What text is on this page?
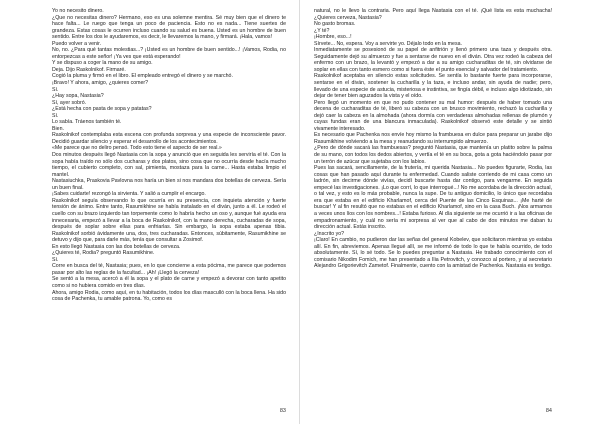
Yo no necesito dinero.

¿Que no necesitas dinero? Hermano, eso es una solemne mentira. Sé muy bien que el dinero te hace falta... Le ruego que tenga un poco de paciencia. Esto no es nada... Tiene suertes de grandeza. Estas cosas le ocurren incluso cuando su salud es buena. Usted es un hombre de buen sentido. Entre los dos le ayudaremos, es decir, le llevaremos la mano, y firmará. ¡Hala, vamos!

Puedo volver a venir.

No, no. ¿Para qué tantas molestias...? ¡Usted es un hombre de buen sentido...! ¡Vamos, Rodia, no entorpezcas a este señor! ¡Ya ves que está esperando!

Y se dispuso a coger la mano de su amigo.

Deja. Dijo Raskolnikof. Firmaré.

Cogió la pluma y firmó en el libro. El empleado entregó el dinero y se marchó.

¡Bravo! Y ahora, amigo, ¿quieres comer?

Sí.

¿Hay sopa, Nastasia?

Sí, ayer sobró.

¿Está hecha con pasta de sopa y patatas?

Sí.

Lo sabía. Tráenos también té.

Bien.

Raskolnikof contemplaba esta escena con profunda sorpresa y una especie de inconsciente pavor. Decidió guardar silencio y esperar el desarrollo de los acontecimientos.

«Me parece que no deliro pensó. Todo esto tiene el aspecto de ser real.»

Dos minutos después llegó Nastasia con la sopa y anunció que en seguida les serviría el té. Con la sopa había traído no sólo dos cucharas y dos platos, sino cosa que no ocurría desde hacía mucho tiempo, el cubierto completo, con sal, pimienta, mostaza para la carne... Hasta estaba limpio el mantel.

Nastasiuchka, Praskovia Pavlovna nos haría un bien si nos mandara dos botellas de cerveza. Sería un buen final.

¡Sabes cuidarte! rezongó la sirvienta. Y salió a cumplir el encargo.

Raskolnikof seguía observando lo que ocurría en su presencia, con inquieta atención y fuerte tensión de ánimo. Entre tanto, Rasumikhine se había instalado en el diván, junto a él. Le rodeó el cuello con su brazo izquierdo tan torpemente como lo habría hecho un oso y, aunque fué ayuda era innecesaria, empezó a llevar a la boca de Raskolnikof, con la mano derecha, cucharadas de sopa, después de soplar sobre ellas para enfriarlas. Sin embargo, la sopa estaba apenas tibia. Raskolnikof sorbió ávidamente una, dos, tres cucharadas. Entonces, súbitamente, Rasumikhine se detuvo y dijo que, para darle más, tenía que consultar a Zosimof.

En esto llegó Nastasia con las dos botellas de cerveza.

¿Quieres té, Rodia? preguntó Rasumikhine.

Sí.

Corre en busca del té, Nastasia; pues, en lo que concierne a esta pócima, me parece que podemos pasar por alto las reglas de la facultad... ¡Ah! ¡Llegó la cerveza!

Se sentó a la mesa, acercó a él la sopa y el plato de carne y empezó a devorar con tanto apetito como si no hubiera comido en tres días.

Ahora, amigo Rodia, como aquí, en tu habitación, todos los días masculló con la boca llena. Ha sido cosa de Pachenka, tu amable patrona. Yo, como es

83

natural, no le llevo la contraria. Pero aquí llega Nastasia con el té. ¡Qué lista es esta muchacha! ¿Quieres cerveza, Nastasia?

No gasto bromas.

¿Y té?

¡Hombre, eso...!

Sírvete... No, espera. Voy a servirte yo. Déjalo todo en la mesa.

Inmediatamente se posesionó de su papel de anfitrión y llenó primero una taza y después otra. Seguidamente dejó su almuerzo y fue a sentarse de nuevo en el diván. Otra vez rodeó la cabeza del enfermo con un brazo, la levantó y empezó a dar a su amigo cucharaditas de té, sin olvidarse de soplar en ellas con tanto esmero como si fuera éste el punto esencial y salvador del tratamiento.

Raskolnikof aceptaba en silencio estas solicitudes. Se sentía lo bastante fuerte para incorporarse, sentarse en el diván, sostener la cucharilla y la taza, e incluso andar, sin ayuda de nadie; pero, llevado de una especie de astucia, misteriosa e instintiva, se fingía débil, e incluso algo idiotizado, sin dejar de tener bien aguzados la vista y el oído.

Pero llegó un momento en que no pudo contener su mal humor: después de haber tomado una decena de cucharaditas de té, liberó su cabeza con un brusco movimiento, rechazó la cucharilla y dejó caer la cabeza en la almohada (ahora dormía con verdaderas almohadas rellenas de plumón y cuyas fundas eran de una blancura inmaculada). Raskolnikof observó este detalle y se sintió vivamente interesado.

Es necesario que Pachenka nos envíe hoy mismo la frambuesa en dulce para preparar un jarabe dijo Rasumikhine volviendo a la mesa y reanudando su interrumpido almuerzo.

¿Pero de dónde sacará las frambuesas? preguntó Nastasia, que mantenía un platito sobre la palma de su mano, con todos los dedos abiertos, y vertía el té en su boca, gota a gota haciéndolo pasar por un terrón de azúcar que sujetaba con los labios.

Pues las sacará, sencillamente, de la frutería, mi querida Nastasia... No puedes figurarte, Rodia, las cosas que han pasado aquí durante tu enfermedad. Cuando saliste corriendo de mi casa como un ladrón, sin decirme dónde vivías, decidí buscarte hasta dar contigo, para vengarme. En seguida empecé las investigaciones. ¡Lo que corrí, lo que interrogué...! No me acordaba de la dirección actual, o tal vez, y esto es lo más probable, nunca la supe. De tu antiguo domicilio, lo único que recordaba era que estaba en el edificio Kharlamof, cerca del Puente de las Cinco Esquinas... ¡Me harté de buscar! Y al fin resultó que no estabas en el edificio Kharlamof, sino en la casa Buch. ¡Nos armamos a veces unos líos con los nombres...! Estaba furioso. Al día siguiente se me ocurrió ir a las oficinas de empadronamiento, y cuál no sería mi sorpresa al ver que al cabo de dos minutos me daban tu dirección actual. Estás inscrito.

¿Inscrito yo?

¡Claro! En cambio, no pudieron dar las señas del general Kobelev, que solicitaron mientras yo estaba allí. En fin, abreviemos. Apenas llegué allí, se me informó de todo lo que te había ocurrido, de todo absolutamente. Sí, lo sé todo. Se lo puedes preguntar a Nastasia. He trabado conocimiento con el comisario Nikodim Fomich, me han presentado a Ilia Petrovitch, y conozco al portero, y al secretario Alejandro Grigorievitch Zametof. Finalmente, cuento con la amistad de Pachenka. Nastasia es testigo.

84
